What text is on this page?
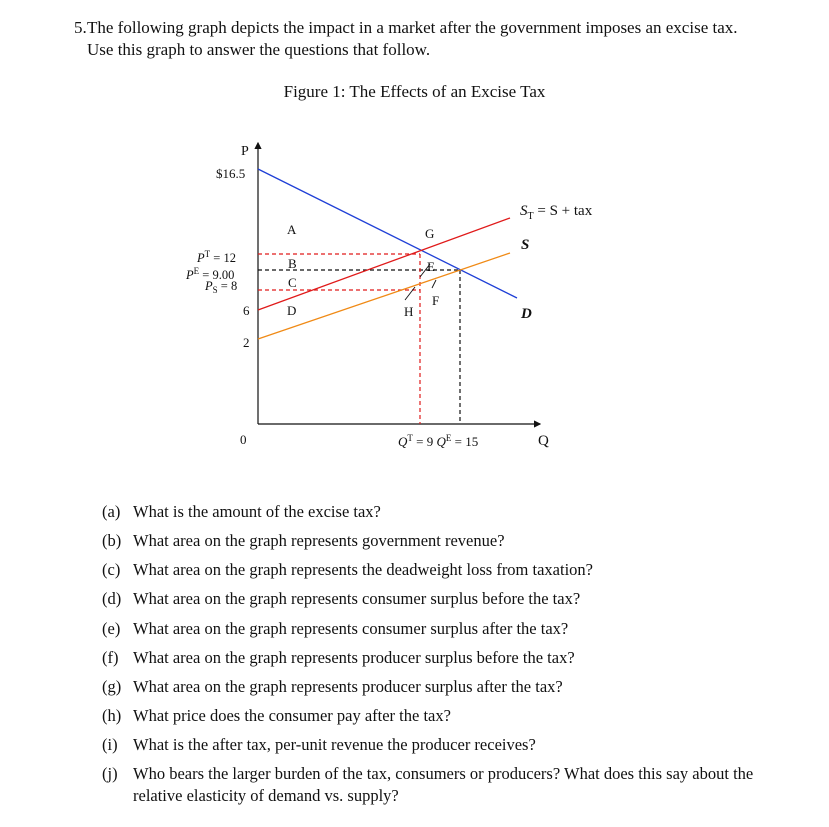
5. The following graph depicts the impact in a market after the government imposes an excise tax. Use this graph to answer the questions that follow.
Figure 1: The Effects of an Excise Tax
P
Q
0
$16.5
$P^T = 12$
$P^E = 9.00$
$P_S = 8$
6
2
$Q^T = 9$ $Q^E = 15$
$S_T = S$ + tax
S
D
A
B
C
D
E
F
G
H
(a) What is the amount of the excise tax?
(b) What area on the graph represents government revenue?
(c) What area on the graph represents the deadweight loss from taxation?
(d) What area on the graph represents consumer surplus before the tax?
(e) What area on the graph represents consumer surplus after the tax?
(f) What area on the graph represents producer surplus before the tax?
(g) What area on the graph represents producer surplus after the tax?
(h) What price does the consumer pay after the tax?
(i) What is the after tax, per-unit revenue the producer receives?
(j) Who bears the larger burden of the tax, consumers or producers? What does this say about the relative elasticity of demand vs. supply?
